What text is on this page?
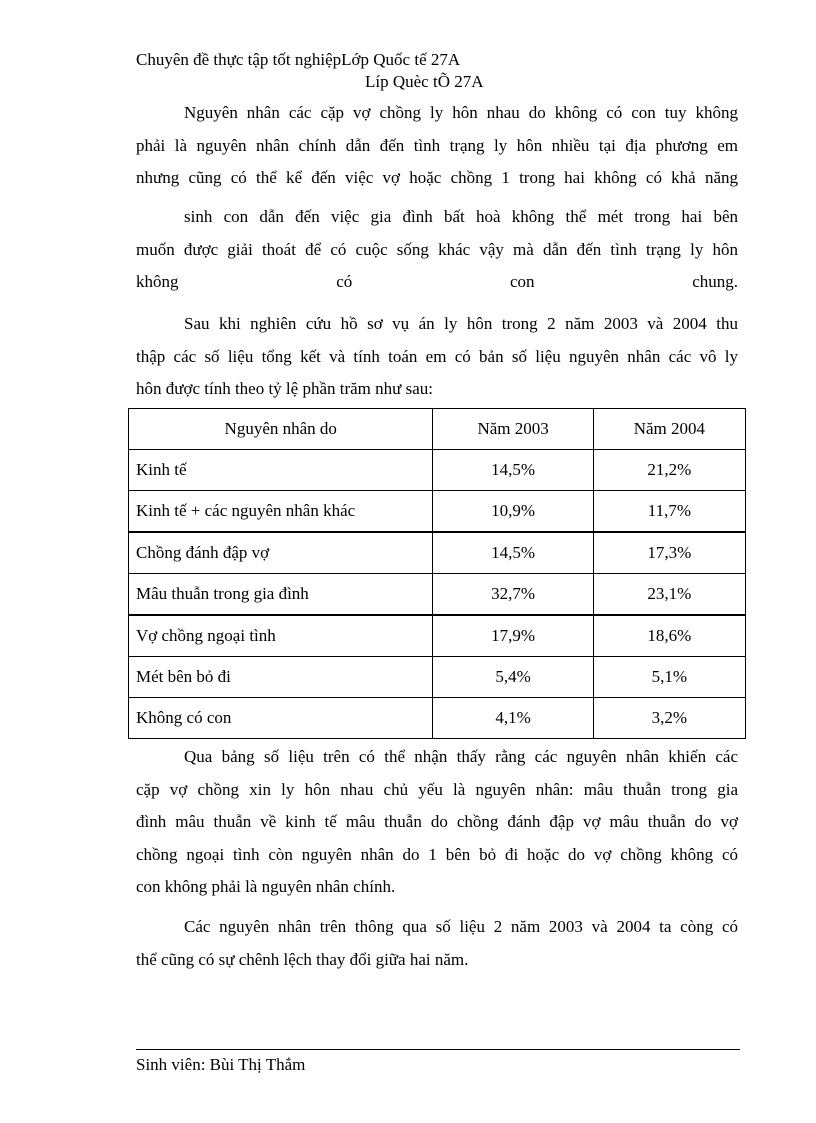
Chuyên đề thực tập tốt nghiệpLớp Quốc tế 27A
Líp Quèc tÕ 27A
Nguyên nhân các cặp vợ chồng ly hôn nhau do không có con tuy không
phải là nguyên nhân chính dẫn đến tình trạng ly hôn nhiều tại địa phương em
nhưng cũng có thể kể đến việc vợ hoặc chồng 1 trong hai không có khả năng
sinh con dẫn đến việc gia đình bất hoà không thể mét trong hai bên
muốn được giải thoát để có cuộc sống khác vậy mà dẫn đến tình trạng ly hôn
không có con chung.
Sau khi nghiên cứu hồ sơ vụ án ly hôn trong 2 năm 2003 và 2004 thu
thập các số liệu tổng kết và tính toán em có bản số liệu nguyên nhân các vô ly
hôn được tính theo tỷ lệ phần trăm như sau:
Nguyên nhân do	Năm 2003	Năm 2004
Kinh tế	14,5%	21,2%
Kinh tế + các nguyên nhân khác	10,9%	11,7%
Chồng đánh đập vợ	14,5%	17,3%
Mâu thuẫn trong gia đình	32,7%	23,1%
Vợ chồng ngoại tình	17,9%	18,6%
Mét bên bỏ đi	5,4%	5,1%
Không có con	4,1%	3,2%
Qua bảng số liệu trên có thể nhận thấy rằng các nguyên nhân khiến các
cặp vợ chồng xin ly hôn nhau chủ yếu là nguyên nhân: mâu thuẫn trong gia
đình mâu thuẫn về kinh tế mâu thuẫn do chồng đánh đập vợ mâu thuẫn do vợ
chồng ngoại tình còn nguyên nhân do 1 bên bỏ đi hoặc do vợ chồng không có
con không phải là nguyên nhân chính.
Các nguyên nhân trên thông qua số liệu 2 năm 2003 và 2004 ta còng có
thể cũng có sự chênh lệch thay đổi giữa hai năm.
Sinh viên: Bùi Thị Thắm
